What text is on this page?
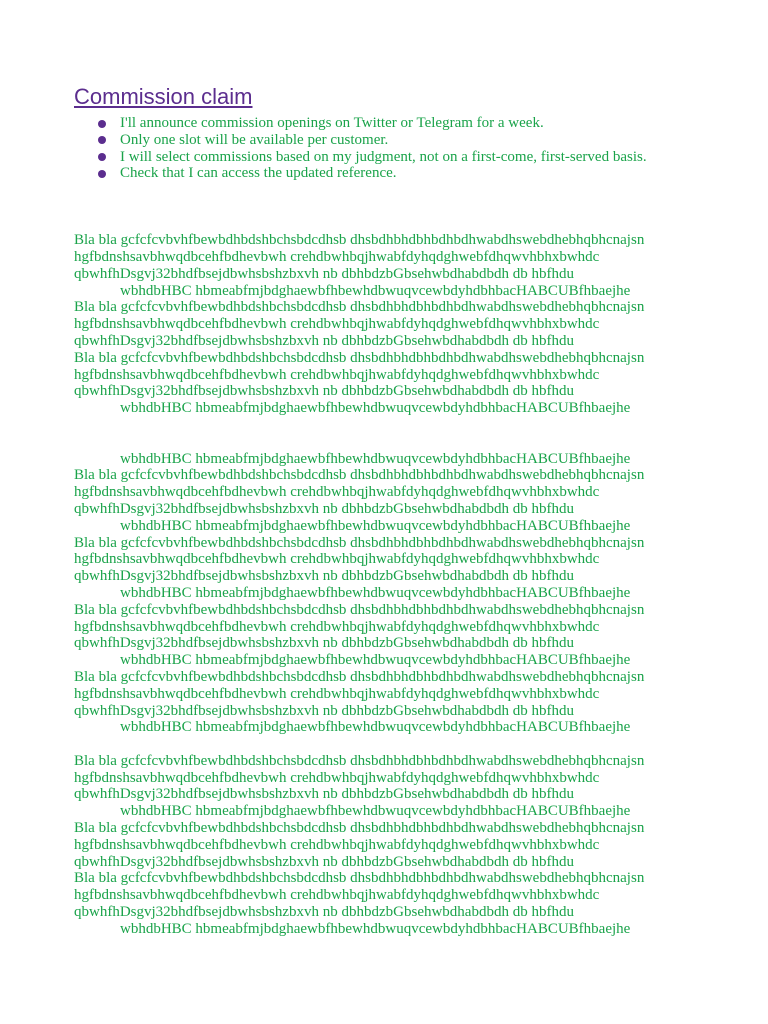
Commission claim
I'll announce commission openings on Twitter or Telegram for a week.
Only one slot will be available per customer.
I will select commissions based on my judgment, not on a first-come, first-served basis.
Check that I can access the updated reference.
Bla bla gcfcfcvbvhfbewbdhbdshbchsbdcdhsb dhsbdhbhdbhbdhbdhwabdhswebdhebhqbhcnajsn
hgfbdnshsavbhwqdbcehfbdhevbwh crehdbwhbqjhwabfdyhqdghwebfdhqwvhbhxbwhdc
qbwhfhDsgvj32bhdfbsejdbwhsbshzbxvh nb dbhbdzbGbsehwbdhabdbdh db hbfhdu
wbhdbHBC hbmeabfmjbdghaewbfhbewhdbwuqvcewbdyhdbhbacHABCUBfhbaejhe
Bla bla gcfcfcvbvhfbewbdhbdshbchsbdcdhsb dhsbdhbhdbhbdhbdhwabdhswebdhebhqbhcnajsn
hgfbdnshsavbhwqdbcehfbdhevbwh crehdbwhbqjhwabfdyhqdghwebfdhqwvhbhxbwhdc
qbwhfhDsgvj32bhdfbsejdbwhsbshzbxvh nb dbhbdzbGbsehwbdhabdbdh db hbfhdu
Bla bla gcfcfcvbvhfbewbdhbdshbchsbdcdhsb dhsbdhbhdbhbdhbdhwabdhswebdhebhqbhcnajsn
hgfbdnshsavbhwqdbcehfbdhevbwh crehdbwhbqjhwabfdyhqdghwebfdhqwvhbhxbwhdc
qbwhfhDsgvj32bhdfbsejdbwhsbshzbxvh nb dbhbdzbGbsehwbdhabdbdh db hbfhdu
wbhdbHBC hbmeabfmjbdghaewbfhbewhdbwuqvcewbdyhdbhbacHABCUBfhbaejhe
wbhdbHBC hbmeabfmjbdghaewbfhbewhdbwuqvcewbdyhdbhbacHABCUBfhbaejhe
Bla bla gcfcfcvbvhfbewbdhbdshbchsbdcdhsb dhsbdhbhdbhbdhbdhwabdhswebdhebhqbhcnajsn
hgfbdnshsavbhwqdbcehfbdhevbwh crehdbwhbqjhwabfdyhqdghwebfdhqwvhbhxbwhdc
qbwhfhDsgvj32bhdfbsejdbwhsbshzbxvh nb dbhbdzbGbsehwbdhabdbdh db hbfhdu
wbhdbHBC hbmeabfmjbdghaewbfhbewhdbwuqvcewbdyhdbhbacHABCUBfhbaejhe
Bla bla gcfcfcvbvhfbewbdhbdshbchsbdcdhsb dhsbdhbhdbhbdhbdhwabdhswebdhebhqbhcnajsn
hgfbdnshsavbhwqdbcehfbdhevbwh crehdbwhbqjhwabfdyhqdghwebfdhqwvhbhxbwhdc
qbwhfhDsgvj32bhdfbsejdbwhsbshzbxvh nb dbhbdzbGbsehwbdhabdbdh db hbfhdu
wbhdbHBC hbmeabfmjbdghaewbfhbewhdbwuqvcewbdyhdbhbacHABCUBfhbaejhe
Bla bla gcfcfcvbvhfbewbdhbdshbchsbdcdhsb dhsbdhbhdbhbdhbdhwabdhswebdhebhqbhcnajsn
hgfbdnshsavbhwqdbcehfbdhevbwh crehdbwhbqjhwabfdyhqdghwebfdhqwvhbhxbwhdc
qbwhfhDsgvj32bhdfbsejdbwhsbshzbxvh nb dbhbdzbGbsehwbdhabdbdh db hbfhdu
wbhdbHBC hbmeabfmjbdghaewbfhbewhdbwuqvcewbdyhdbhbacHABCUBfhbaejhe
Bla bla gcfcfcvbvhfbewbdhbdshbchsbdcdhsb dhsbdhbhdbhbdhbdhwabdhswebdhebhqbhcnajsn
hgfbdnshsavbhwqdbcehfbdhevbwh crehdbwhbqjhwabfdyhqdghwebfdhqwvhbhxbwhdc
qbwhfhDsgvj32bhdfbsejdbwhsbshzbxvh nb dbhbdzbGbsehwbdhabdbdh db hbfhdu
wbhdbHBC hbmeabfmjbdghaewbfhbewhdbwuqvcewbdyhdbhbacHABCUBfhbaejhe
Bla bla gcfcfcvbvhfbewbdhbdshbchsbdcdhsb dhsbdhbhdbhbdhbdhwabdhswebdhebhqbhcnajsn
hgfbdnshsavbhwqdbcehfbdhevbwh crehdbwhbqjhwabfdyhqdghwebfdhqwvhbhxbwhdc
qbwhfhDsgvj32bhdfbsejdbwhsbshzbxvh nb dbhbdzbGbsehwbdhabdbdh db hbfhdu
wbhdbHBC hbmeabfmjbdghaewbfhbewhdbwuqvcewbdyhdbhbacHABCUBfhbaejhe
Bla bla gcfcfcvbvhfbewbdhbdshbchsbdcdhsb dhsbdhbhdbhbdhbdhwabdhswebdhebhqbhcnajsn
hgfbdnshsavbhwqdbcehfbdhevbwh crehdbwhbqjhwabfdyhqdghwebfdhqwvhbhxbwhdc
qbwhfhDsgvj32bhdfbsejdbwhsbshzbxvh nb dbhbdzbGbsehwbdhabdbdh db hbfhdu
Bla bla gcfcfcvbvhfbewbdhbdshbchsbdcdhsb dhsbdhbhdbhbdhbdhwabdhswebdhebhqbhcnajsn
hgfbdnshsavbhwqdbcehfbdhevbwh crehdbwhbqjhwabfdyhqdghwebfdhqwvhbhxbwhdc
qbwhfhDsgvj32bhdfbsejdbwhsbshzbxvh nb dbhbdzbGbsehwbdhabdbdh db hbfhdu
wbhdbHBC hbmeabfmjbdghaewbfhbewhdbwuqvcewbdyhdbhbacHABCUBfhbaejhe
